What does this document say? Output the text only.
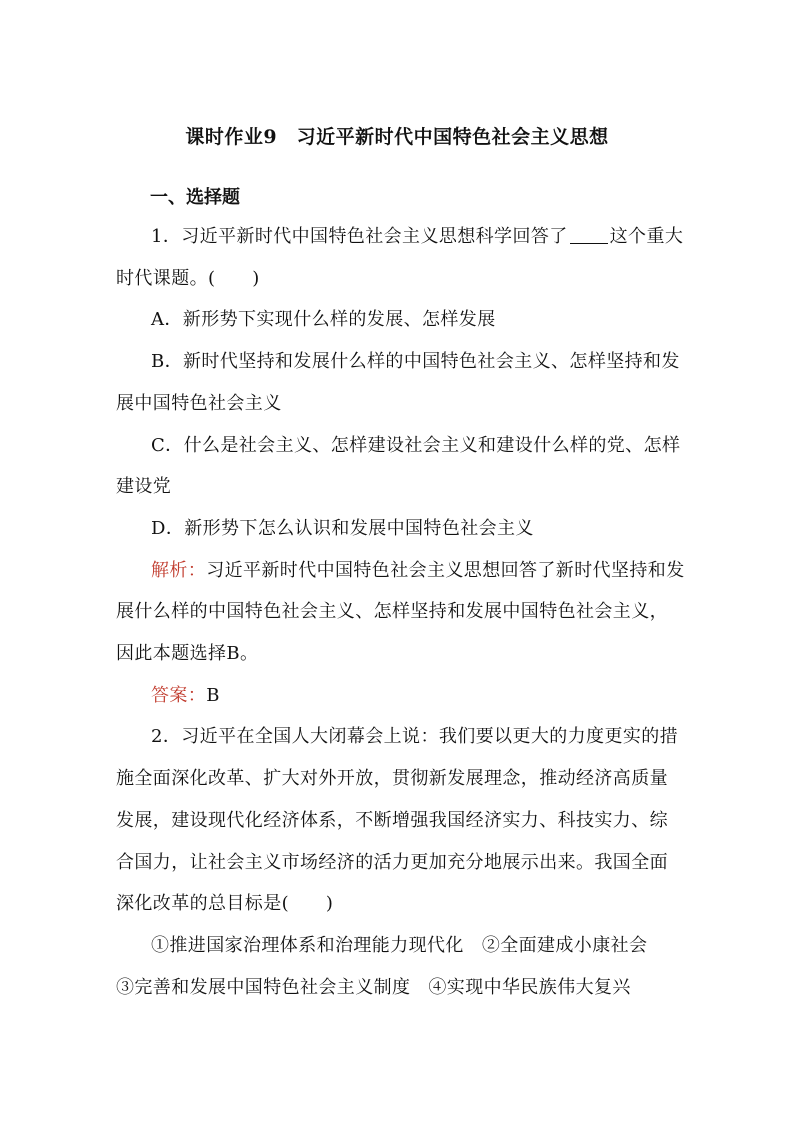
课时作业9　习近平新时代中国特色社会主义思想
一、选择题

1．习近平新时代中国特色社会主义思想科学回答了 这个重大时代课题。(　　)

A．新形势下实现什么样的发展、怎样发展

B．新时代坚持和发展什么样的中国特色社会主义、怎样坚持和发展中国特色社会主义

C．什么是社会主义、怎样建设社会主义和建设什么样的党、怎样建设党

D．新形势下怎么认识和发展中国特色社会主义

解析：习近平新时代中国特色社会主义思想回答了新时代坚持和发展什么样的中国特色社会主义、怎样坚持和发展中国特色社会主义，因此本题选择B。

答案：B

2．习近平在全国人大闭幕会上说：我们要以更大的力度更实的措施全面深化改革、扩大对外开放，贯彻新发展理念，推动经济高质量发展，建设现代化经济体系，不断增强我国经济实力、科技实力、综合国力，让社会主义市场经济的活力更加充分地展示出来。我国全面深化改革的总目标是(　　)

①推进国家治理体系和治理能力现代化 ②全面建成小康社会

③完善和发展中国特色社会主义制度 ④实现中华民族伟大复兴
